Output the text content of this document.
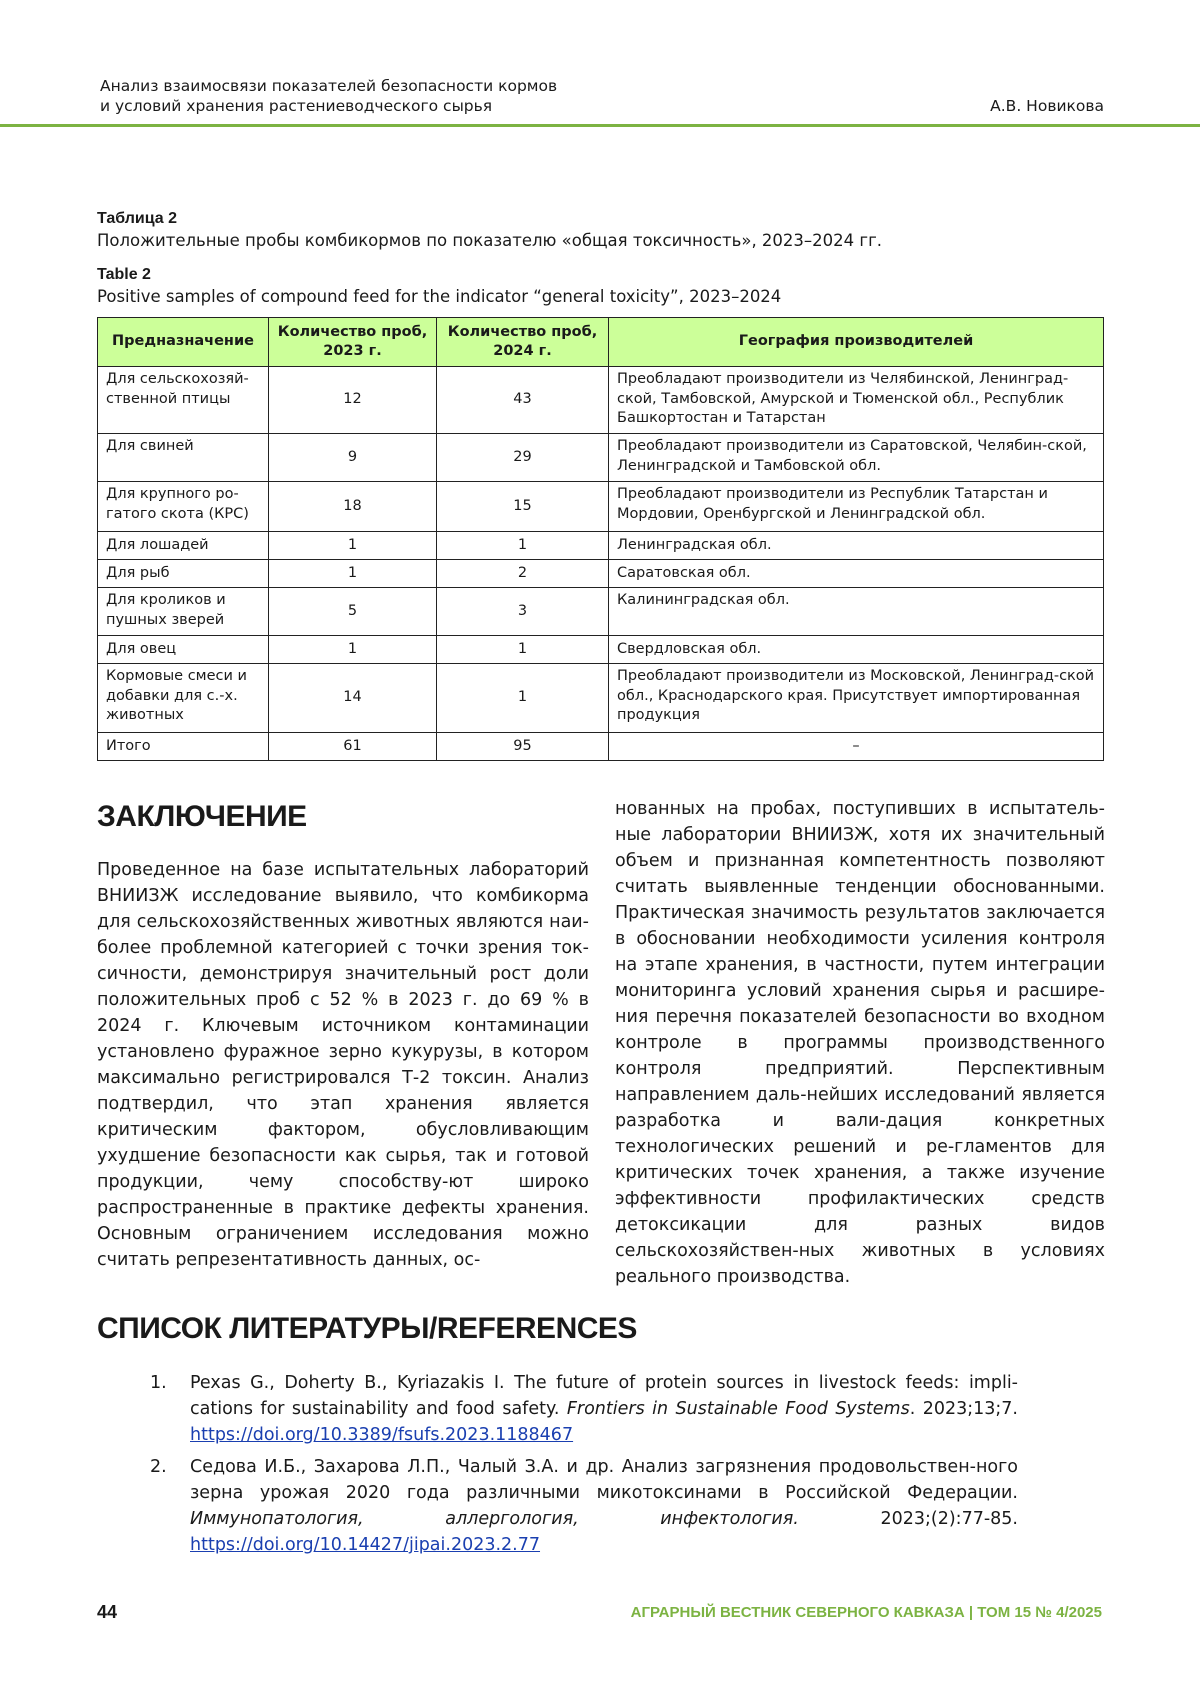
Анализ взаимосвязи показателей безопасности кормов
и условий хранения растениеводческого сырья	А.В. Новикова
Таблица 2
Положительные пробы комбикормов по показателю «общая токсичность», 2023–2024 гг.
Table 2
Positive samples of compound feed for the indicator “general toxicity”, 2023–2024
Предназначение	Количество проб, 2023 г.	Количество проб, 2024 г.	География производителей
Для сельскохозяй-ственной птицы	12	43	Преобладают производители из Челябинской, Ленинград-ской, Тамбовской, Амурской и Тюменской обл., Республик Башкортостан и Татарстан
Для свиней	9	29	Преобладают производители из Саратовской, Челябин-ской, Ленинградской и Тамбовской обл.
Для крупного ро-гатого скота (КРС)	18	15	Преобладают производители из Республик Татарстан и Мордовии, Оренбургской и Ленинградской обл.
Для лошадей	1	1	Ленинградская обл.
Для рыб	1	2	Саратовская обл.
Для кроликов и пушных зверей	5	3	Калининградская обл.
Для овец	1	1	Свердловская обл.
Кормовые смеси и добавки для с.-х. животных	14	1	Преобладают производители из Московской, Ленинград-ской обл., Краснодарского края. Присутствует импортированная продукция
Итого	61	95	–
ЗАКЛЮЧЕНИЕ
Проведенное на базе испытательных лабораторий ВНИИЗЖ исследование выявило, что комбикорма для сельскохозяйственных животных являются наи-более проблемной категорией с точки зрения ток-сичности, демонстрируя значительный рост доли положительных проб с 52 % в 2023 г. до 69 % в 2024 г. Ключевым источником контаминации установлено фуражное зерно кукурузы, в котором максимально регистрировался Т-2 токсин. Анализ подтвердил, что этап хранения является критическим фактором, обусловливающим ухудшение безопасности как сырья, так и готовой продукции, чему способству-ют широко распространенные в практике дефекты хранения. Основным ограничением исследования можно считать репрезентативность данных, ос-
нованных на пробах, поступивших в испытатель-ные лаборатории ВНИИЗЖ, хотя их значительный объем и признанная компетентность позволяют считать выявленные тенденции обоснованными. Практическая значимость результатов заключается в обосновании необходимости усиления контроля на этапе хранения, в частности, путем интеграции мониторинга условий хранения сырья и расшире-ния перечня показателей безопасности во входном контроле в программы производственного контроля предприятий. Перспективным направлением даль-нейших исследований является разработка и вали-дация конкретных технологических решений и ре-гламентов для критических точек хранения, а также изучение эффективности профилактических средств детоксикации для разных видов сельскохозяйствен-ных животных в условиях реального производства.
СПИСОК ЛИТЕРАТУРЫ/REFERENCES
1. Pexas G., Doherty B., Kyriazakis I. The future of protein sources in livestock feeds: impli-cations for sustainability and food safety. Frontiers in Sustainable Food Systems. 2023;13;7. https://doi.org/10.3389/fsufs.2023.1188467
2. Седова И.Б., Захарова Л.П., Чалый З.А. и др. Анализ загрязнения продовольствен-ного зерна урожая 2020 года различными микотоксинами в Российской Федерации. Иммунопатология, аллергология, инфектология. 2023;(2):77-85. https://doi.org/10.14427/jipai.2023.2.77
44	АГРАРНЫЙ ВЕСТНИК СЕВЕРНОГО КАВКАЗА | ТОМ 15 № 4/2025
